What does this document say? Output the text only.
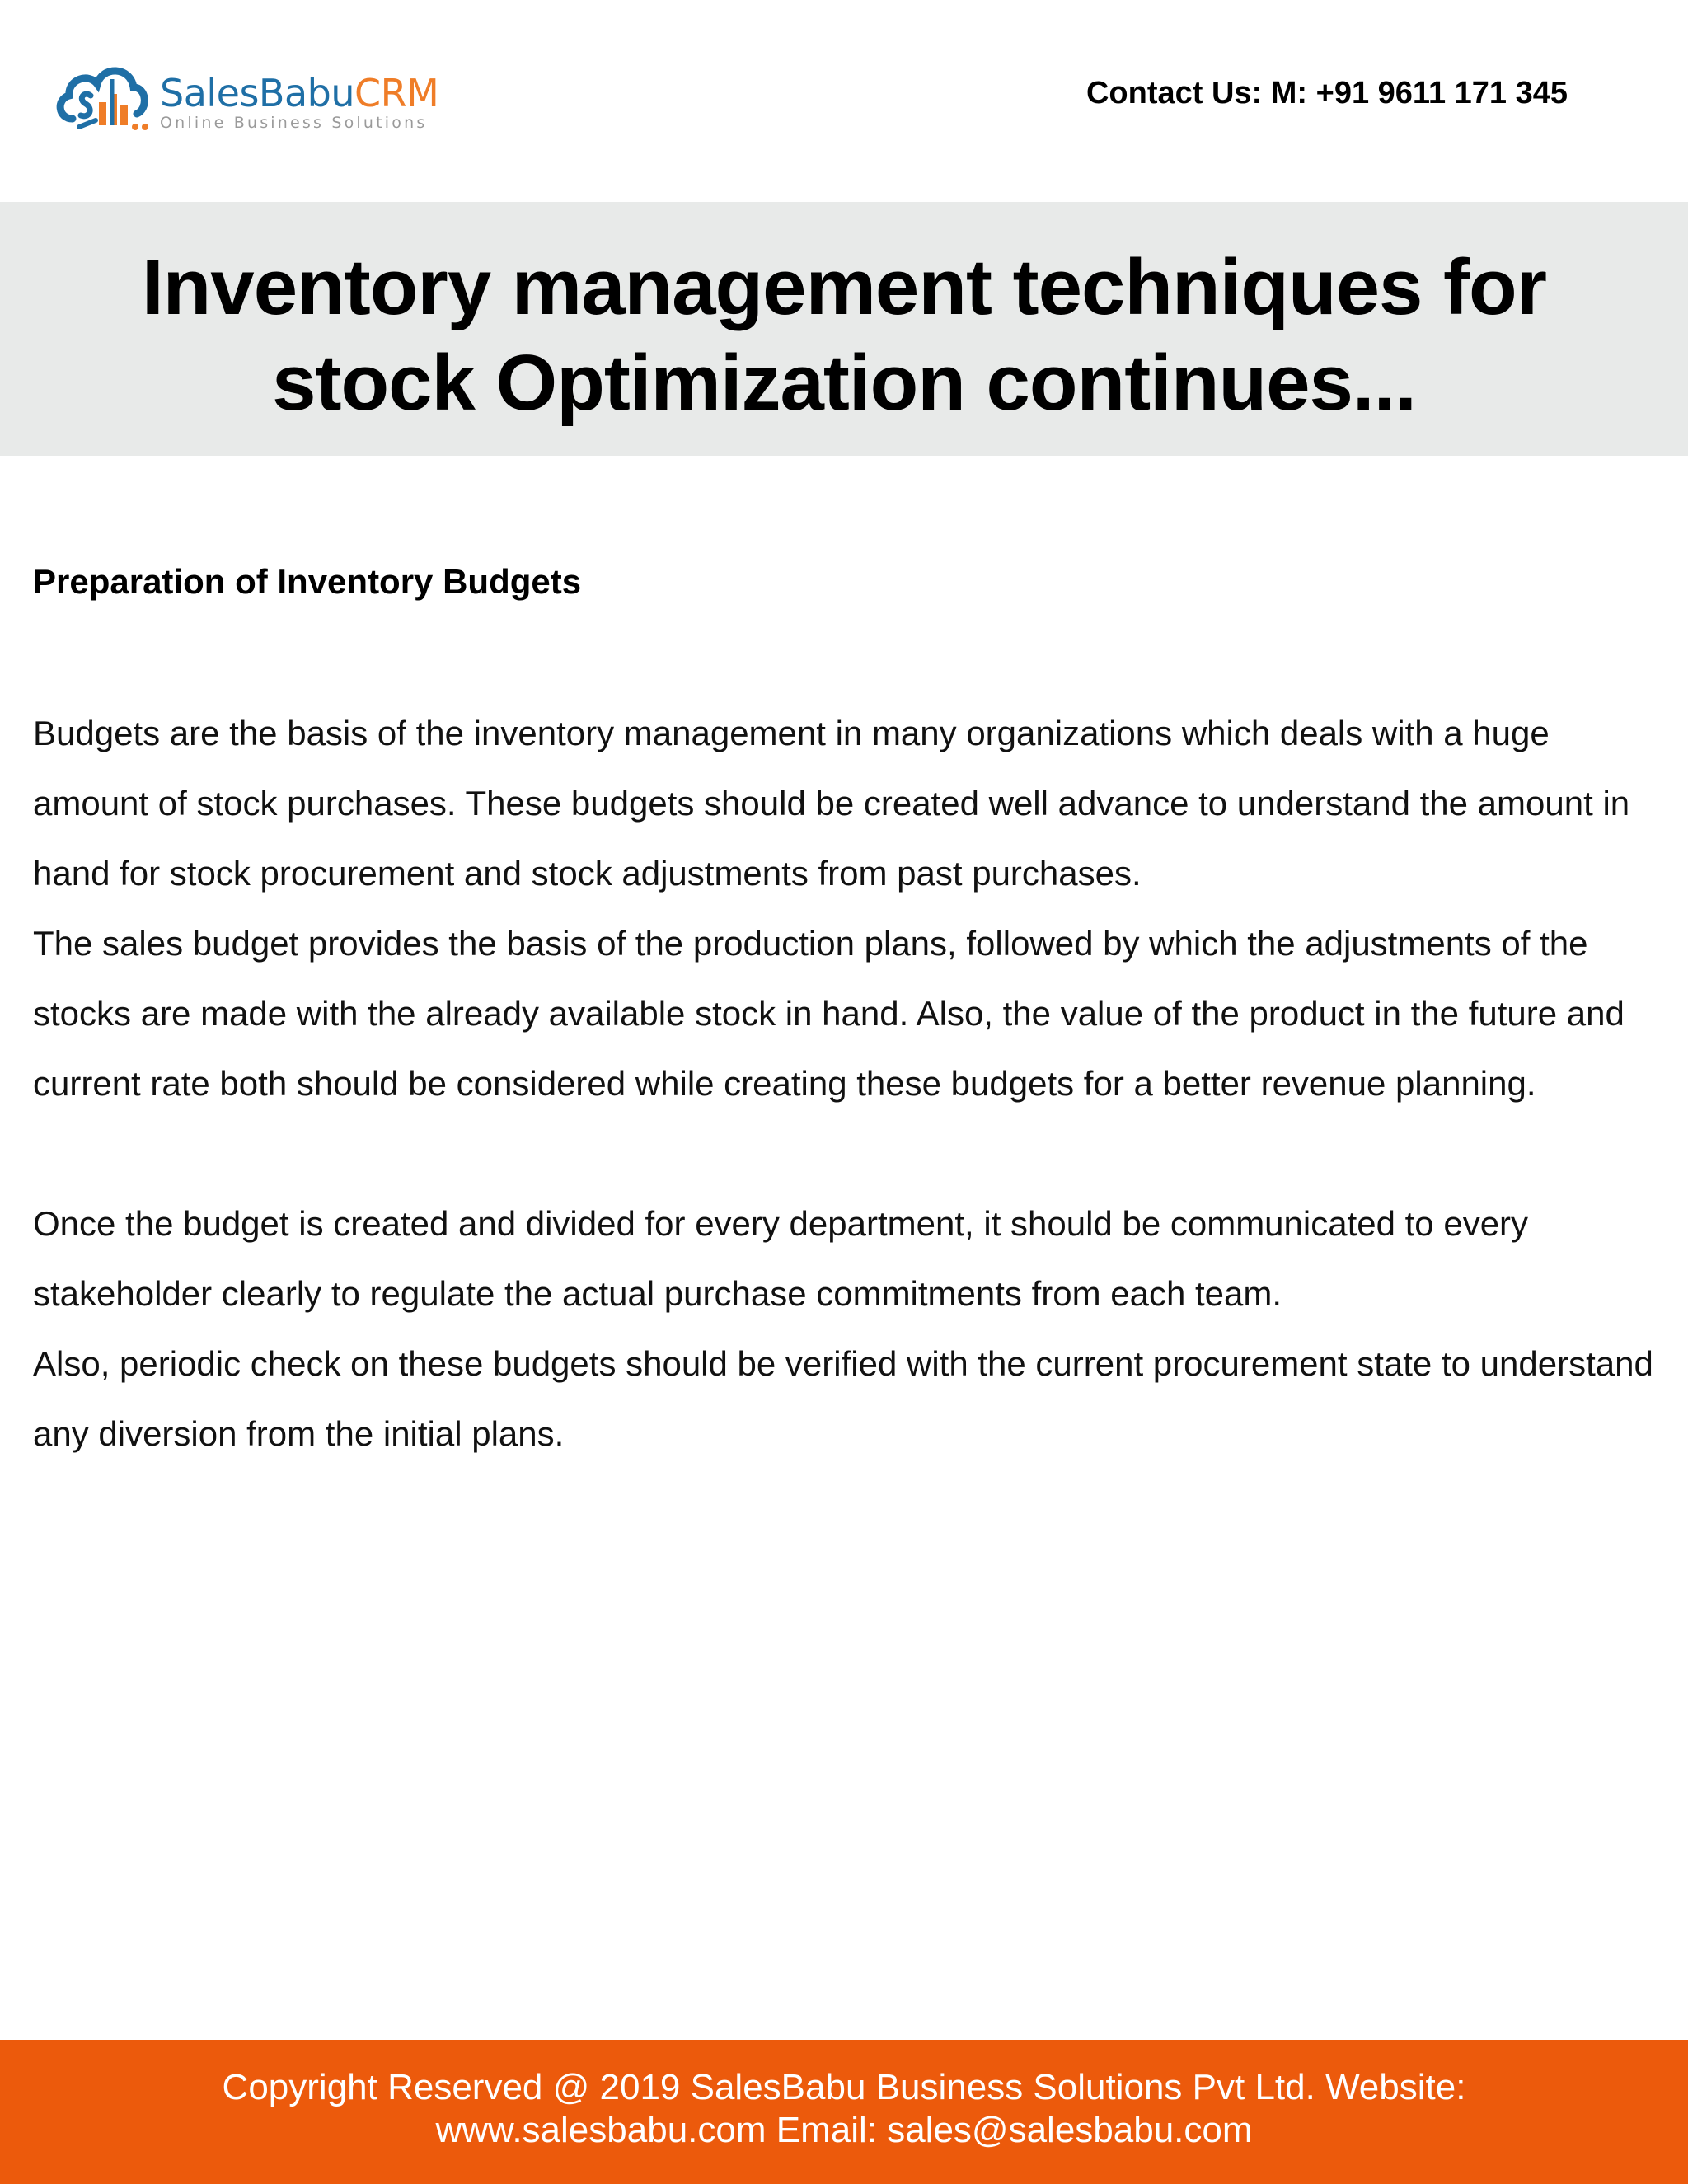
SalesBabuCRM
Online Business Solutions
Contact Us: M: +91 9611 171 345
Inventory management techniques for
stock Optimization continues...
Preparation of Inventory Budgets

Budgets are the basis of the inventory management in many organizations which deals with a huge amount of stock purchases. These budgets should be created well advance to understand the amount in hand for stock procurement and stock adjustments from past purchases.

The sales budget provides the basis of the production plans, followed by which the adjustments of the stocks are made with the already available stock in hand. Also, the value of the product in the future and current rate both should be considered while creating these budgets for a better revenue planning.

Once the budget is created and divided for every department, it should be communicated to every stakeholder clearly to regulate the actual purchase commitments from each team.

Also, periodic check on these budgets should be verified with the current procurement state to understand any diversion from the initial plans.

Copyright Reserved @ 2019 SalesBabu Business Solutions Pvt Ltd. Website:
www.salesbabu.com Email: sales@salesbabu.com
